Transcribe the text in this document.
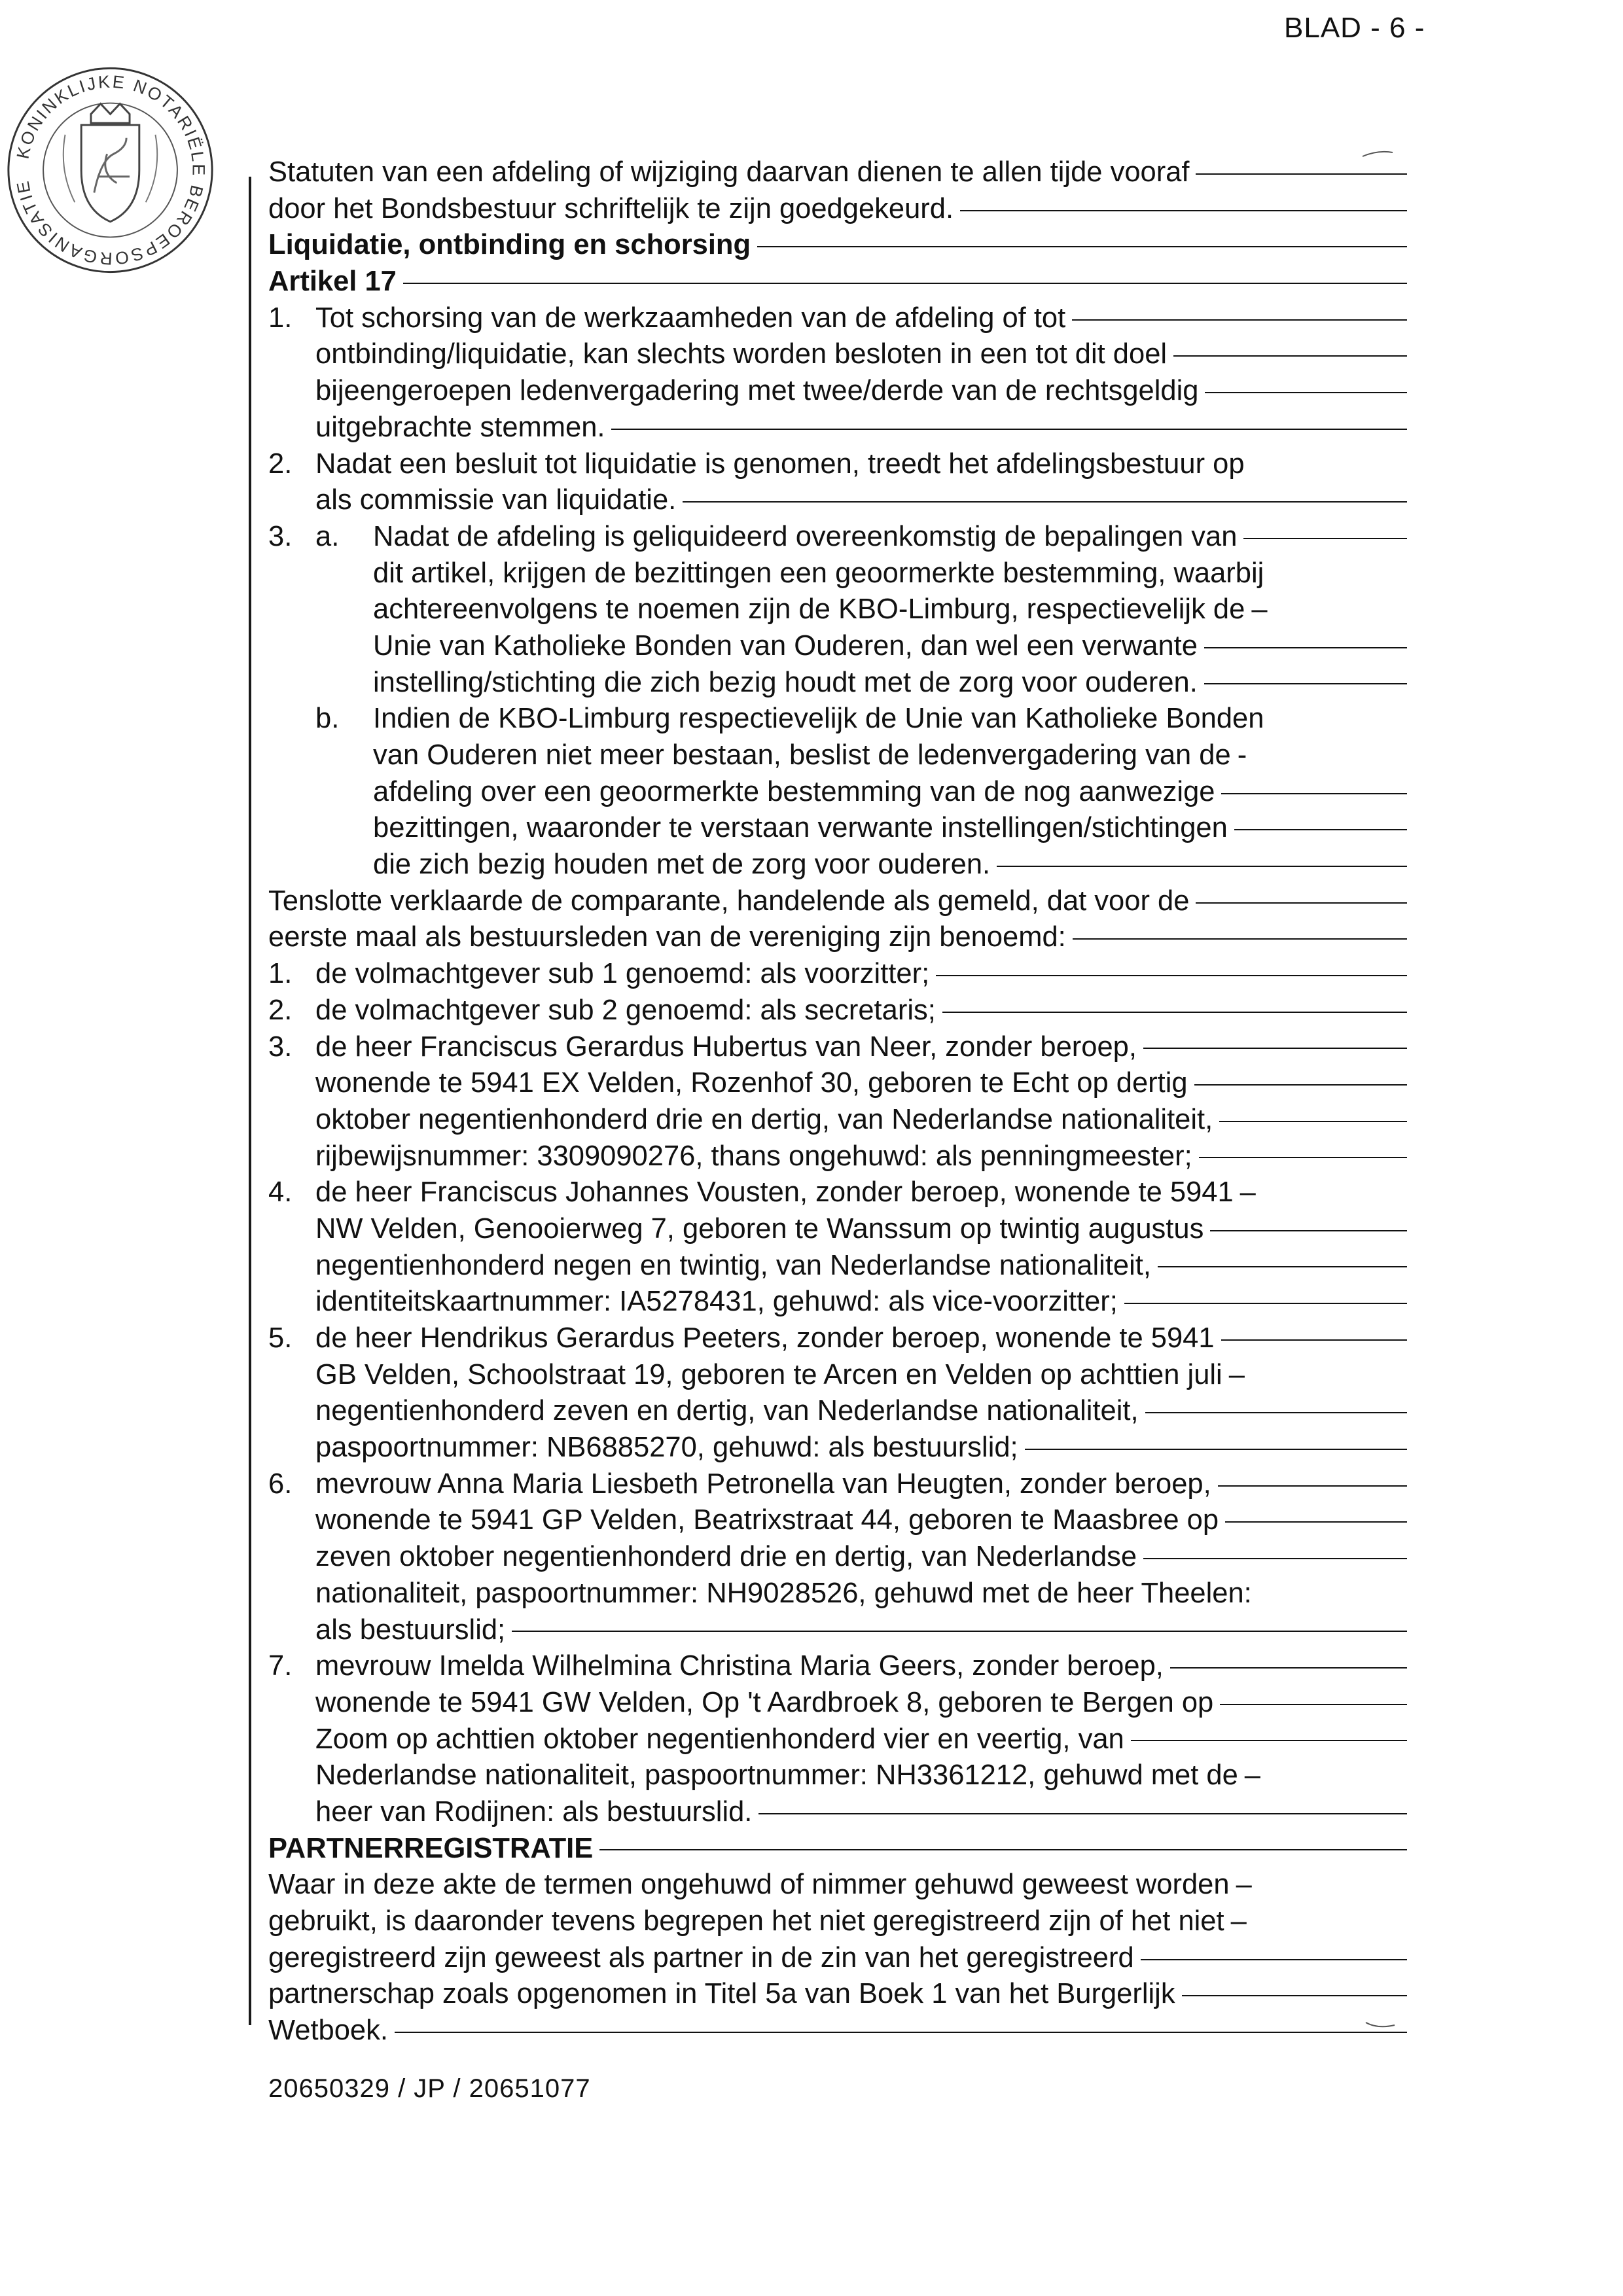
BLAD - 6 -
KONINKLIJKE NOTARIËLE BEROEPSORGANISATIE	Statuten van een afdeling of wijziging daarvan dienen te allen tijde vooraf
door het Bondsbestuur schriftelijk te zijn goedgekeurd.
Liquidatie, ontbinding en schorsing
Artikel 17
1. Tot schorsing van de werkzaamheden van de afdeling of tot
ontbinding/liquidatie, kan slechts worden besloten in een tot dit doel
bijeengeroepen ledenvergadering met twee/derde van de rechtsgeldig
uitgebrachte stemmen.
2. Nadat een besluit tot liquidatie is genomen, treedt het afdelingsbestuur op
als commissie van liquidatie.
3. a. Nadat de afdeling is geliquideerd overeenkomstig de bepalingen van
dit artikel, krijgen de bezittingen een geoormerkte bestemming, waarbij
achtereenvolgens te noemen zijn de KBO-Limburg, respectievelijk de –
Unie van Katholieke Bonden van Ouderen, dan wel een verwante
instelling/stichting die zich bezig houdt met de zorg voor ouderen.
b. Indien de KBO-Limburg respectievelijk de Unie van Katholieke Bonden
van Ouderen niet meer bestaan, beslist de ledenvergadering van de -
afdeling over een geoormerkte bestemming van de nog aanwezige
bezittingen, waaronder te verstaan verwante instellingen/stichtingen
die zich bezig houden met de zorg voor ouderen.
Tenslotte verklaarde de comparante, handelende als gemeld, dat voor de
eerste maal als bestuursleden van de vereniging zijn benoemd:
1. de volmachtgever sub 1 genoemd: als voorzitter;
2. de volmachtgever sub 2 genoemd: als secretaris;
3. de heer Franciscus Gerardus Hubertus van Neer, zonder beroep,
wonende te 5941 EX Velden, Rozenhof 30, geboren te Echt op dertig
oktober negentienhonderd drie en dertig, van Nederlandse nationaliteit,
rijbewijsnummer: 3309090276, thans ongehuwd: als penningmeester;
4. de heer Franciscus Johannes Vousten, zonder beroep, wonende te 5941 –
NW Velden, Genooierweg 7, geboren te Wanssum op twintig augustus
negentienhonderd negen en twintig, van Nederlandse nationaliteit,
identiteitskaartnummer: IA5278431, gehuwd: als vice-voorzitter;
5. de heer Hendrikus Gerardus Peeters, zonder beroep, wonende te 5941
GB Velden, Schoolstraat 19, geboren te Arcen en Velden op achttien juli –
negentienhonderd zeven en dertig, van Nederlandse nationaliteit,
paspoortnummer: NB6885270, gehuwd: als bestuurslid;
6. mevrouw Anna Maria Liesbeth Petronella van Heugten, zonder beroep,
wonende te 5941 GP Velden, Beatrixstraat 44, geboren te Maasbree op
zeven oktober negentienhonderd drie en dertig, van Nederlandse
nationaliteit, paspoortnummer: NH9028526, gehuwd met de heer Theelen:
als bestuurslid;
7. mevrouw Imelda Wilhelmina Christina Maria Geers, zonder beroep,
wonende te 5941 GW Velden, Op 't Aardbroek 8, geboren te Bergen op
Zoom op achttien oktober negentienhonderd vier en veertig, van
Nederlandse nationaliteit, paspoortnummer: NH3361212, gehuwd met de –
heer van Rodijnen: als bestuurslid.
PARTNERREGISTRATIE
Waar in deze akte de termen ongehuwd of nimmer gehuwd geweest worden –
gebruikt, is daaronder tevens begrepen het niet geregistreerd zijn of het niet –
geregistreerd zijn geweest als partner in de zin van het geregistreerd
partnerschap zoals opgenomen in Titel 5a van Boek 1 van het Burgerlijk
Wetboek.
20650329 / JP / 20651077
